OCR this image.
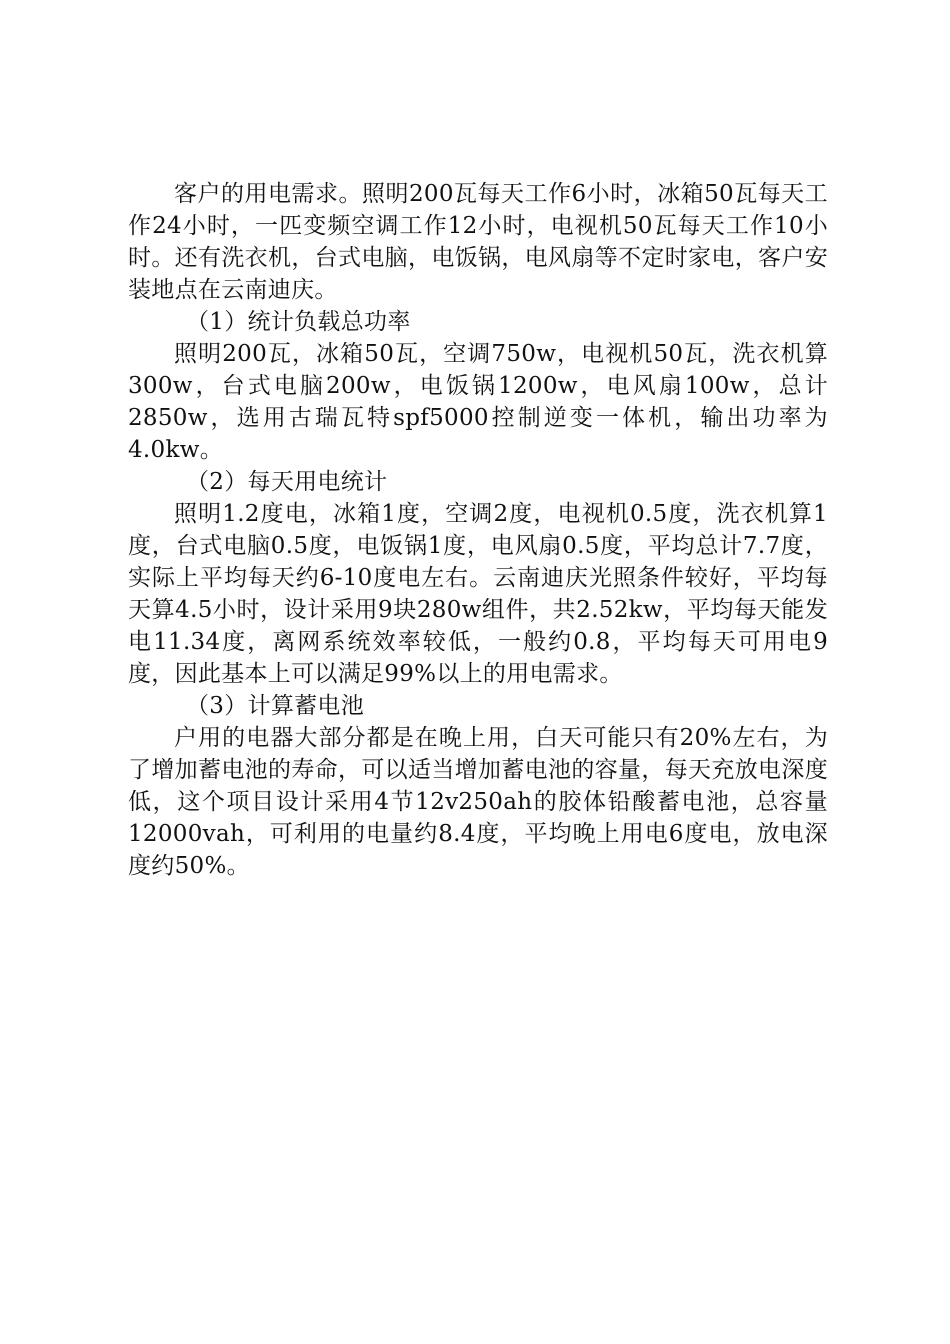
客户的用电需求。照明200瓦每天工作6小时，冰箱50瓦每天工作24小时，一匹变频空调工作12小时，电视机50瓦每天工作10小时。还有洗衣机，台式电脑，电饭锅，电风扇等不定时家电，客户安装地点在云南迪庆。

（1）统计负载总功率

照明200瓦，冰箱50瓦，空调750w，电视机50瓦，洗衣机算300w，台式电脑200w，电饭锅1200w，电风扇100w，总计2850w，选用古瑞瓦特spf5000控制逆变一体机，输出功率为4.0kw。

（2）每天用电统计

照明1.2度电，冰箱1度，空调2度，电视机0.5度，洗衣机算1度，台式电脑0.5度，电饭锅1度，电风扇0.5度，平均总计7.7度，实际上平均每天约6-10度电左右。云南迪庆光照条件较好，平均每天算4.5小时，设计采用9块280w组件，共2.52kw，平均每天能发电11.34度，离网系统效率较低，一般约0.8，平均每天可用电9度，因此基本上可以满足99%以上的用电需求。

（3）计算蓄电池

户用的电器大部分都是在晚上用，白天可能只有20%左右，为了增加蓄电池的寿命，可以适当增加蓄电池的容量，每天充放电深度低，这个项目设计采用4节12v250ah的胶体铅酸蓄电池，总容量12000vah，可利用的电量约8.4度，平均晚上用电6度电，放电深度约50%。
